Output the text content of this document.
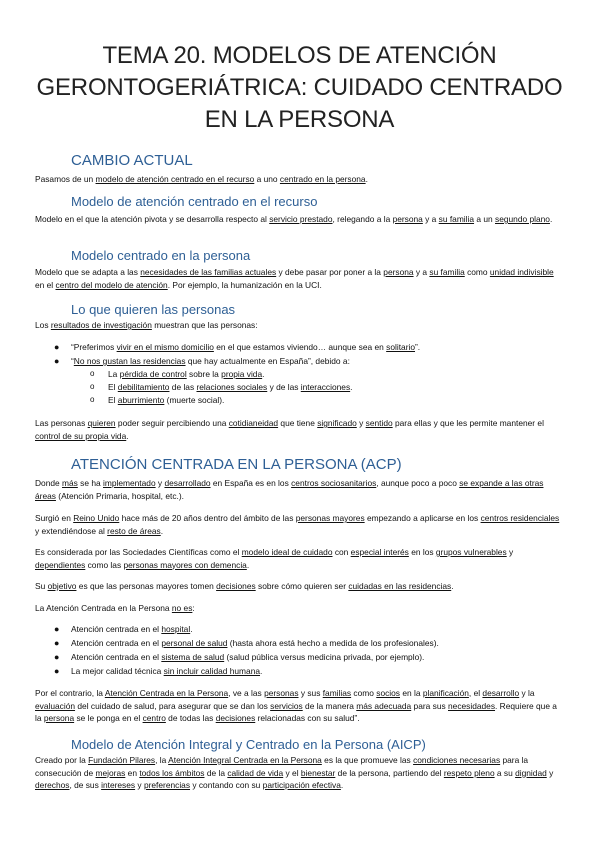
TEMA 20. MODELOS DE ATENCIÓN GERONTOGERIÁTRICA: CUIDADO CENTRADO EN LA PERSONA
CAMBIO ACTUAL

Pasamos de un modelo de atención centrado en el recurso a uno centrado en la persona.

Modelo de atención centrado en el recurso

Modelo en el que la atención pivota y se desarrolla respecto al servicio prestado, relegando a la persona y a su familia a un segundo plano.

Modelo centrado en la persona

Modelo que se adapta a las necesidades de las familias actuales y debe pasar por poner a la persona y a su familia como unidad indivisible en el centro del modelo de atención. Por ejemplo, la humanización en la UCI.

Lo que quieren las personas

Los resultados de investigación muestran que las personas:

● “Preferimos vivir en el mismo domicilio en el que estamos viviendo… aunque sea en solitario”.

● “No nos gustan las residencias que hay actualmente en España”, debido a:

o La pérdida de control sobre la propia vida.

o El debilitamiento de las relaciones sociales y de las interacciones.

o El aburrimiento (muerte social).

Las personas quieren poder seguir percibiendo una cotidianeidad que tiene significado y sentido para ellas y que les permite mantener el control de su propia vida.

ATENCIÓN CENTRADA EN LA PERSONA (ACP)

Donde más se ha implementado y desarrollado en España es en los centros sociosanitarios, aunque poco a poco se expande a las otras áreas (Atención Primaria, hospital, etc.).

Surgió en Reino Unido hace más de 20 años dentro del ámbito de las personas mayores empezando a aplicarse en los centros residenciales y extendiéndose al resto de áreas.

Es considerada por las Sociedades Científicas como el modelo ideal de cuidado con especial interés en los grupos vulnerables y dependientes como las personas mayores con demencia.

Su objetivo es que las personas mayores tomen decisiones sobre cómo quieren ser cuidadas en las residencias.

La Atención Centrada en la Persona no es:

● Atención centrada en el hospital.

● Atención centrada en el personal de salud (hasta ahora está hecho a medida de los profesionales).

● Atención centrada en el sistema de salud (salud pública versus medicina privada, por ejemplo).

● La mejor calidad técnica sin incluir calidad humana.

Por el contrario, la Atención Centrada en la Persona, ve a las personas y sus familias como socios en la planificación, el desarrollo y la evaluación del cuidado de salud, para asegurar que se dan los servicios de la manera más adecuada para sus necesidades. Requiere que a la persona se le ponga en el centro de todas las decisiones relacionadas con su salud”.

Modelo de Atención Integral y Centrado en la Persona (AICP)

Creado por la Fundación Pilares, la Atención Integral Centrada en la Persona es la que promueve las condiciones necesarias para la consecución de mejoras en todos los ámbitos de la calidad de vida y el bienestar de la persona, partiendo del respeto pleno a su dignidad y derechos, de sus intereses y preferencias y contando con su participación efectiva.
